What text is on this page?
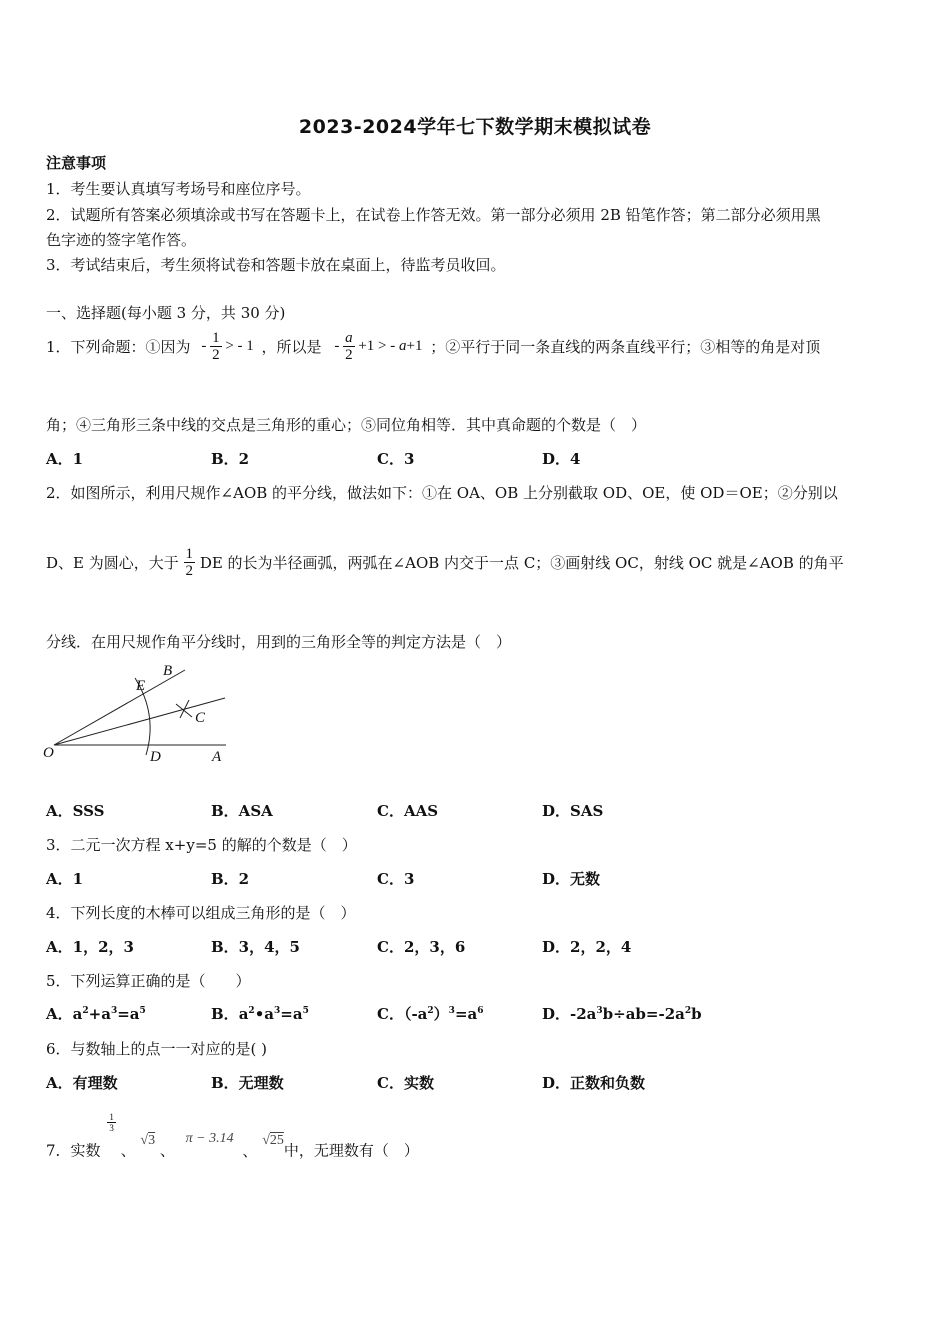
2023-2024学年七下数学期末模拟试卷
注意事项
1．考生要认真填写考场号和座位序号。
2．试题所有答案必须填涂或书写在答题卡上，在试卷上作答无效。第一部分必须用 2B 铅笔作答；第二部分必须用黑
色字迹的签字笔作答。
3．考试结束后，考生须将试卷和答题卡放在桌面上，待监考员收回。
一、选择题(每小题 3 分，共 30 分)
1．下列命题：①因为 - $\frac{1}{2}$ > - 1 ，所以是 - $\frac{a}{2} +1$ > - a+1 ；②平行于同一条直线的两条直线平行；③相等的角是对顶
角；④三角形三条中线的交点是三角形的重心；⑤同位角相等．其中真命题的个数是（　）
A．1	B．2	C．3	D．4
2．如图所示，利用尺规作∠AOB 的平分线，做法如下：①在 OA、OB 上分别截取 OD、OE，使 OD＝OE；②分别以
D、E 为圆心，大于 $\frac{1}{2}$ DE 的长为半径画弧，两弧在∠AOB 内交于一点 C；③画射线 OC，射线 OC 就是∠AOB 的角平
分线．在用尺规作角平分线时，用到的三角形全等的判定方法是（　）
O	A
B
C
D
E
A．SSS	B．ASA	C．AAS	D．SAS
3．二元一次方程 x+y=5 的解的个数是（　）
A．1	B．2	C．3	D．无数
4．下列长度的木棒可以组成三角形的是（　）
A．1，2，3	B．3，4，5	C．2，3，6	D．2，2，4
5．下列运算正确的是（　　）
A．$a^2+a^3=a^5$	B．$a^2•a^3=a^5$	C．$(-a^2)^3=a^6$	D．$-2a^3b\div ab=-2a^2b$
6．与数轴上的点一一对应的是( )
A．有理数	B．无理数	C．实数	D．正数和负数
7．实数
$\frac{1}{3}$
、 √3 、 π − 3.14 、 √25中，无理数有（　）
